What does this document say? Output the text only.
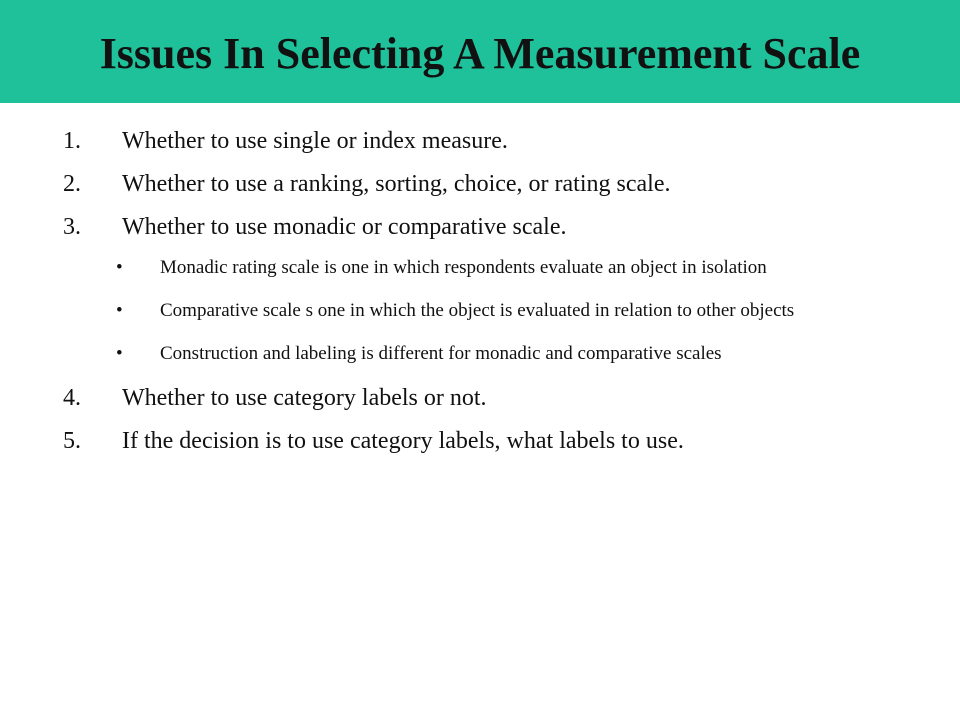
Issues In Selecting A Measurement Scale
1. Whether to use single or index measure.
2. Whether to use a ranking, sorting, choice, or rating scale.
3. Whether to use monadic or comparative scale.
• Monadic rating scale is one in which respondents evaluate an object in isolation
• Comparative scale s one in which the object is evaluated in relation to other objects
• Construction and labeling is different for monadic and comparative scales
4. Whether to use category labels or not.
5. If the decision is to use category labels, what labels to use.
